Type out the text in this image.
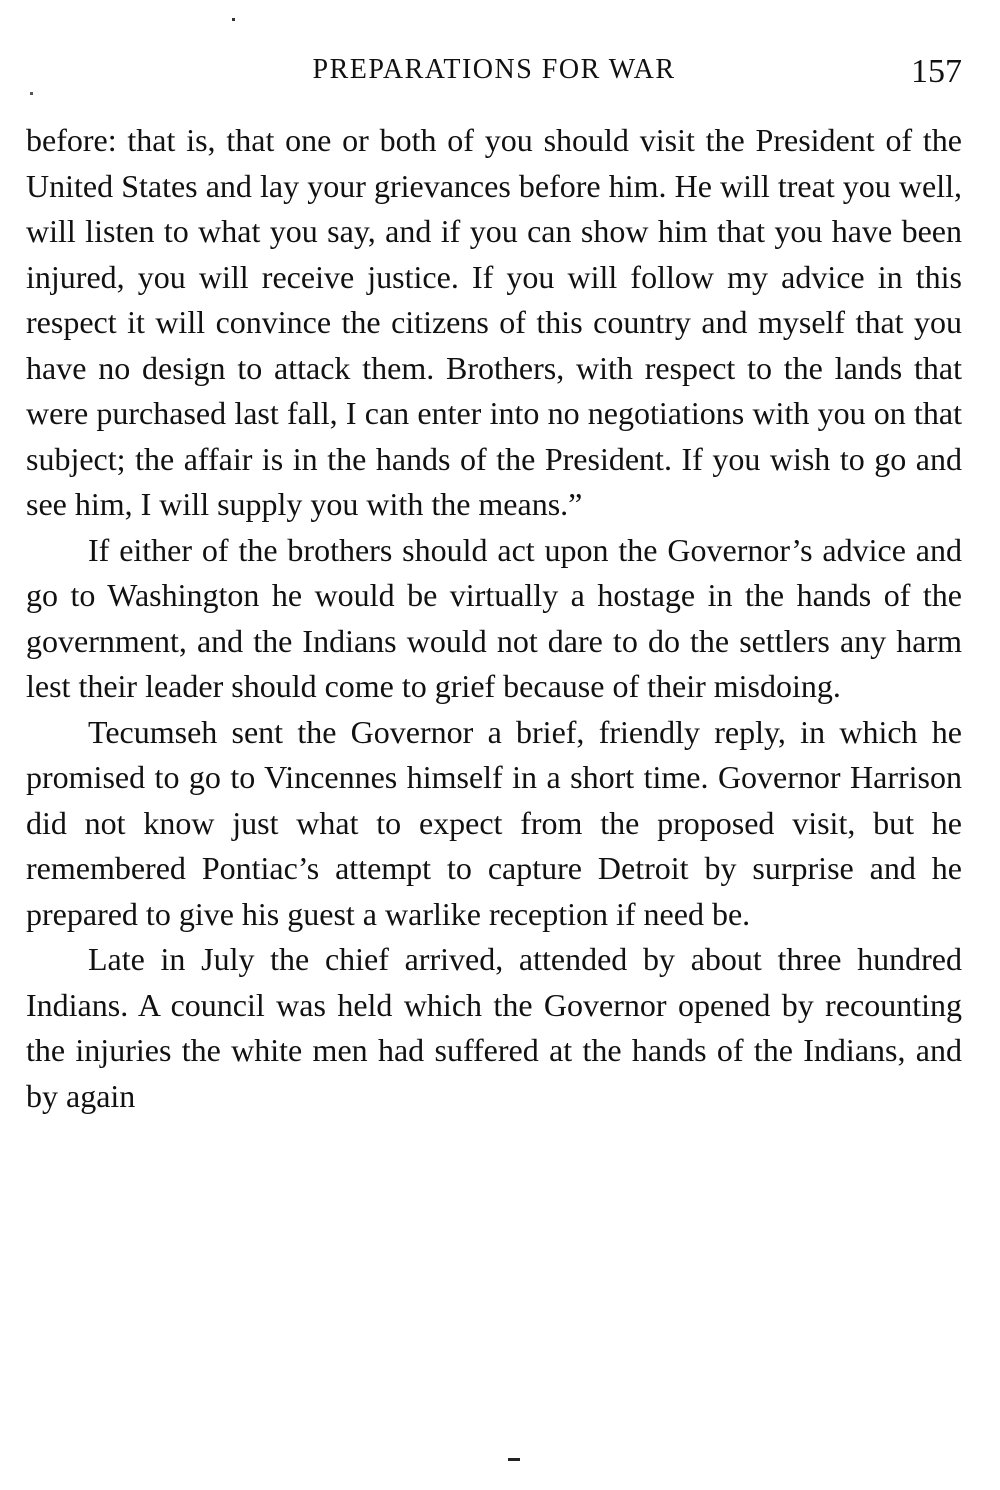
PREPARATIONS FOR WAR	157

before: that is, that one or both of you should visit the President of the United States and lay your grievances before him. He will treat you well, will listen to what you say, and if you can show him that you have been injured, you will receive justice. If you will follow my advice in this respect it will convince the citizens of this country and myself that you have no design to attack them. Brothers, with respect to the lands that were purchased last fall, I can enter into no negotiations with you on that subject; the affair is in the hands of the President. If you wish to go and see him, I will supply you with the means.”

If either of the brothers should act upon the Governor’s advice and go to Washington he would be virtually a hostage in the hands of the government, and the Indians would not dare to do the settlers any harm lest their leader should come to grief because of their misdoing.

Tecumseh sent the Governor a brief, friendly reply, in which he promised to go to Vincennes himself in a short time. Governor Harrison did not know just what to expect from the proposed visit, but he remembered Pontiac’s attempt to capture Detroit by surprise and he prepared to give his guest a warlike reception if need be.

Late in July the chief arrived, attended by about three hundred Indians. A council was held which the Governor opened by recounting the injuries the white men had suffered at the hands of the Indians, and by again
